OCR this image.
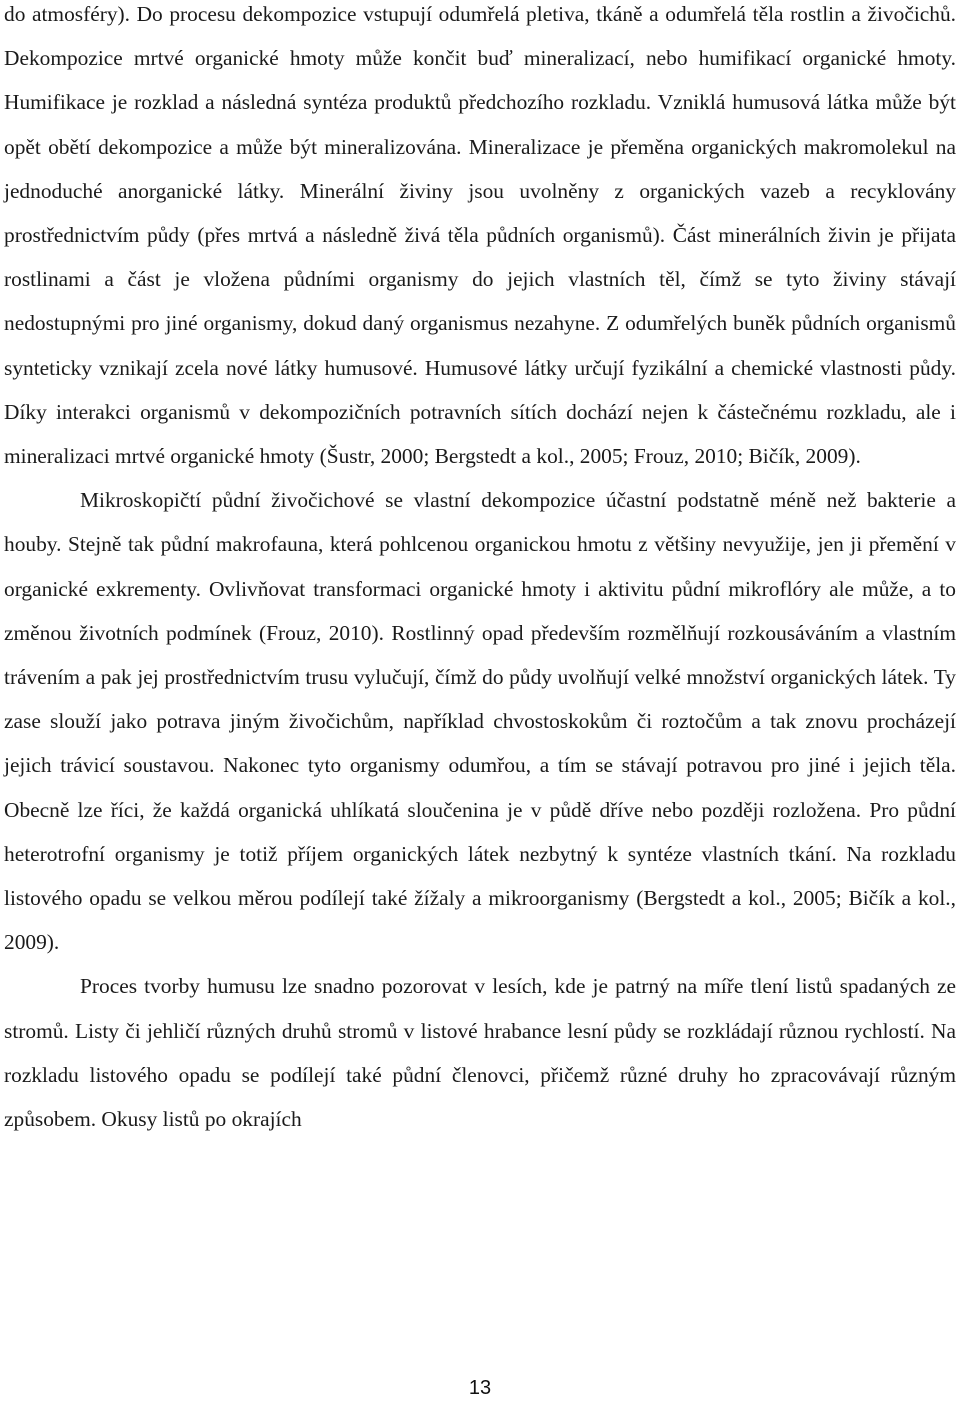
do atmosféry). Do procesu dekompozice vstupují odumřelá pletiva, tkáně a odumřelá těla rostlin a živočichů. Dekompozice mrtvé organické hmoty může končit buď mineralizací, nebo humifikací organické hmoty. Humifikace je rozklad a následná syntéza produktů předchozího rozkladu. Vzniklá humusová látka může být opět obětí dekompozice a může být mineralizována. Mineralizace je přeměna organických makromolekul na jednoduché anorganické látky. Minerální živiny jsou uvolněny z organických vazeb a recyklovány prostřednictvím půdy (přes mrtvá a následně živá těla půdních organismů). Část minerálních živin je přijata rostlinami a část je vložena půdními organismy do jejich vlastních těl, čímž se tyto živiny stávají nedostupnými pro jiné organismy, dokud daný organismus nezahyne. Z odumřelých buněk půdních organismů synteticky vznikají zcela nové látky humusové. Humusové látky určují fyzikální a chemické vlastnosti půdy. Díky interakci organismů v dekompozičních potravních sítích dochází nejen k částečnému rozkladu, ale i mineralizaci mrtvé organické hmoty (Šustr, 2000; Bergstedt a kol., 2005; Frouz, 2010; Bičík, 2009).

Mikroskopičtí půdní živočichové se vlastní dekompozice účastní podstatně méně než bakterie a houby. Stejně tak půdní makrofauna, která pohlcenou organickou hmotu z většiny nevyužije, jen ji přemění v organické exkrementy. Ovlivňovat transformaci organické hmoty i aktivitu půdní mikroflóry ale může, a to změnou životních podmínek (Frouz, 2010). Rostlinný opad především rozmělňují rozkousáváním a vlastním trávením a pak jej prostřednictvím trusu vylučují, čímž do půdy uvolňují velké množství organických látek. Ty zase slouží jako potrava jiným živočichům, například chvostoskokům či roztočům a tak znovu procházejí jejich trávicí soustavou. Nakonec tyto organismy odumřou, a tím se stávají potravou pro jiné i jejich těla. Obecně lze říci, že každá organická uhlíkatá sloučenina je v půdě dříve nebo později rozložena. Pro půdní heterotrofní organismy je totiž příjem organických látek nezbytný k syntéze vlastních tkání. Na rozkladu listového opadu se velkou měrou podílejí také žížaly a mikroorganismy (Bergstedt a kol., 2005; Bičík a kol., 2009).

Proces tvorby humusu lze snadno pozorovat v lesích, kde je patrný na míře tlení listů spadaných ze stromů. Listy či jehličí různých druhů stromů v listové hrabance lesní půdy se rozkládají různou rychlostí. Na rozkladu listového opadu se podílejí také půdní členovci, přičemž různé druhy ho zpracovávají různým způsobem. Okusy listů po okrajích

13
